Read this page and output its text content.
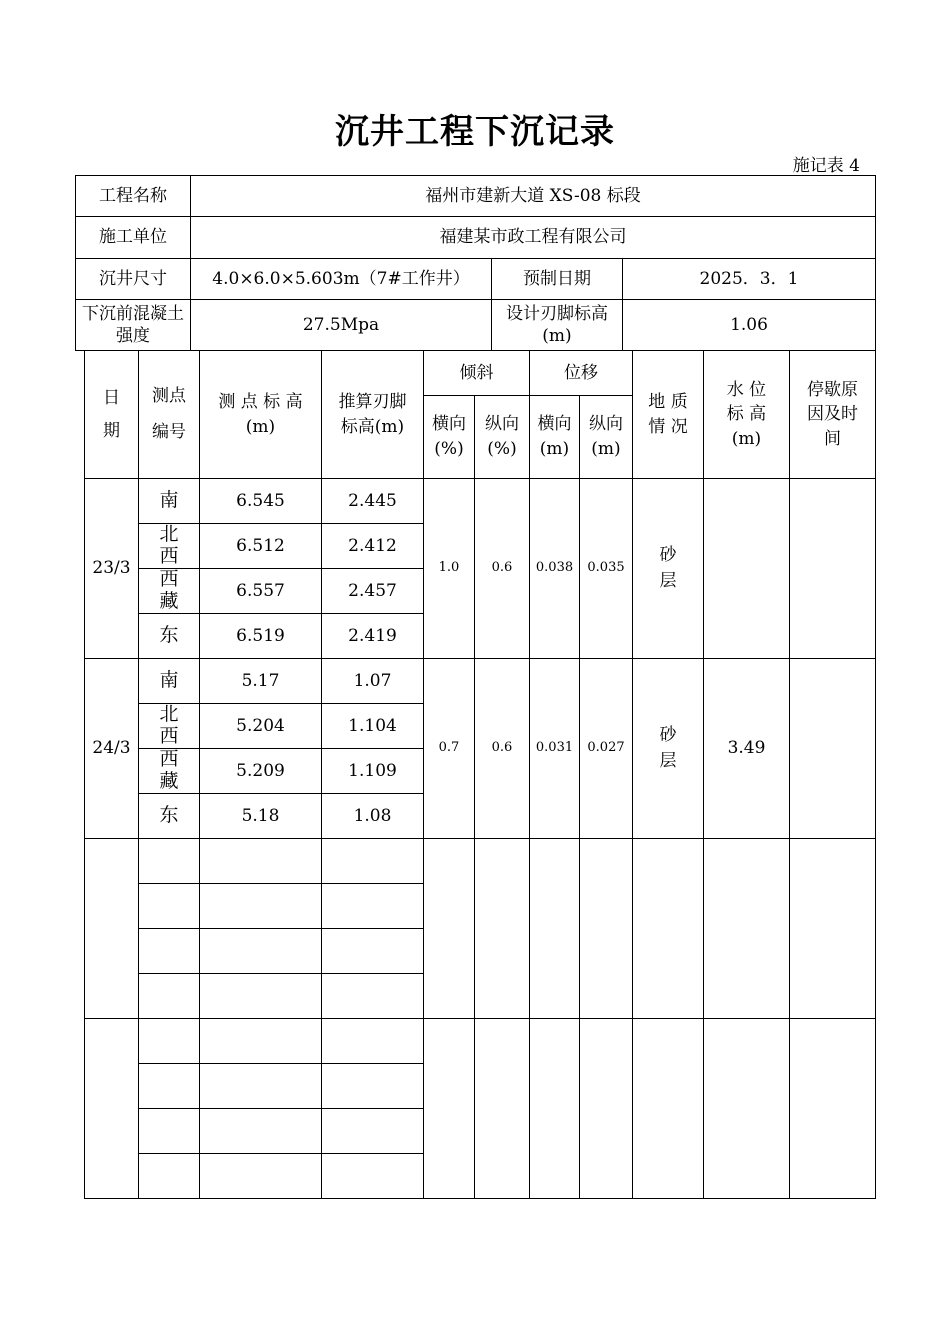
沉井工程下沉记录
施记表 4
工程名称	福州市建新大道 XS-08 标段		
施工单位	福建某市政工程有限公司		
沉井尺寸	4.0×6.0×5.603m（7#工作井）	预制日期	2025．3．1
下沉前混凝土强度	27.5Mpa	设计刃脚标高(m)	1.06
日期	测点编号	测 点 标 高 (m)	推算刃脚标高(m)	倾斜		位移		地 质 情 况	水 位 标 高 (m)	停歇原因及时间

				横向(%)	纵向(%)	横向(m)	纵向(m)			

23/3	南	6.545	2.445	1.0	0.6	0.038	0.035	砂层		

	北西	6.512	2.412							

	西藏	6.557	2.457							

	东	6.519	2.419							
24/3	南	5.17	1.07	0.7	0.6	0.031	0.027	砂层	3.49	

	北西	5.204	1.104							

	西藏	5.209	1.109							

	东	5.18	1.08							
